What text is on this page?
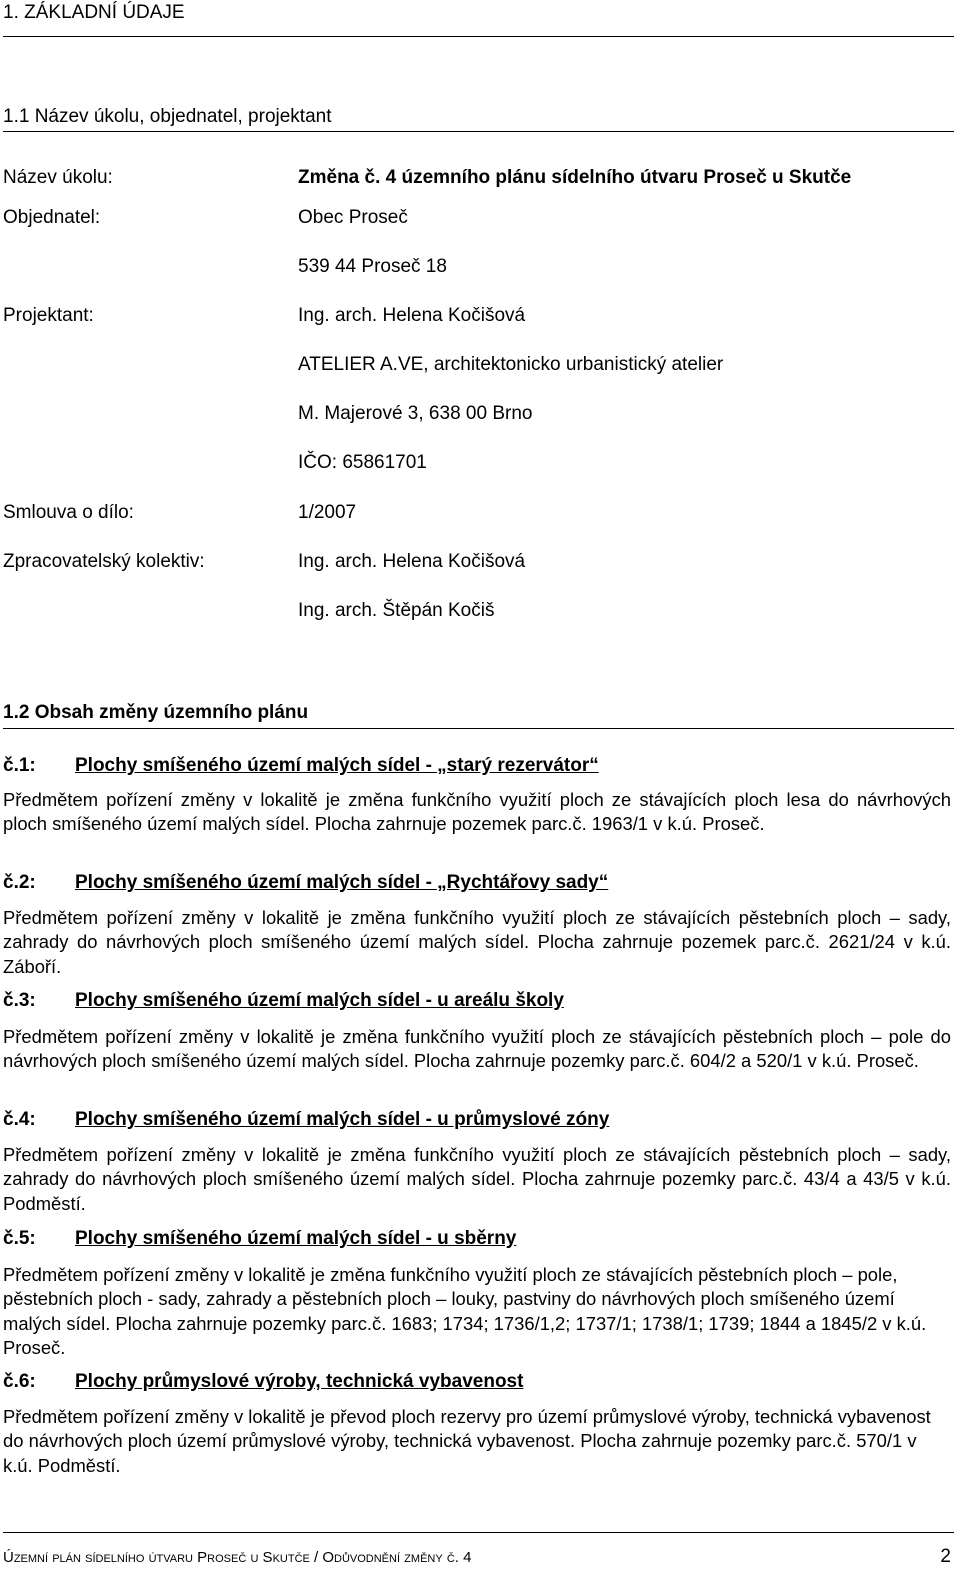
1. ZÁKLADNÍ ÚDAJE
1.1 Název úkolu, objednatel, projektant
Název úkolu:	Změna č. 4 územního plánu sídelního útvaru Proseč u Skutče
Objednatel:	Obec Proseč
539 44 Proseč 18
Projektant:	Ing. arch. Helena Kočišová
ATELIER A.VE, architektonicko urbanistický atelier
M. Majerové 3, 638 00 Brno
IČO: 65861701
Smlouva o dílo:	1/2007
Zpracovatelský kolektiv:	Ing. arch. Helena Kočišová
Ing. arch. Štěpán Kočiš
1.2 Obsah změny územního plánu
č.1: Plochy smíšeného území malých sídel - „starý rezervátor“
Předmětem pořízení změny v lokalitě je změna funkčního využití ploch ze stávajících ploch lesa do návrhových ploch smíšeného území malých sídel. Plocha zahrnuje pozemek parc.č. 1963/1 v k.ú. Proseč.
č.2: Plochy smíšeného území malých sídel - „Rychtářovy sady“
Předmětem pořízení změny v lokalitě je změna funkčního využití ploch ze stávajících pěstebních ploch – sady, zahrady do návrhových ploch smíšeného území malých sídel. Plocha zahrnuje pozemek parc.č. 2621/24 v k.ú. Záboří.
č.3: Plochy smíšeného území malých sídel - u areálu školy
Předmětem pořízení změny v lokalitě je změna funkčního využití ploch ze stávajících pěstebních ploch – pole do návrhových ploch smíšeného území malých sídel. Plocha zahrnuje pozemky parc.č. 604/2 a 520/1 v k.ú. Proseč.
č.4: Plochy smíšeného území malých sídel - u průmyslové zóny
Předmětem pořízení změny v lokalitě je změna funkčního využití ploch ze stávajících pěstebních ploch – sady, zahrady do návrhových ploch smíšeného území malých sídel. Plocha zahrnuje pozemky parc.č. 43/4 a 43/5 v k.ú. Podměstí.
č.5: Plochy smíšeného území malých sídel - u sběrny
Předmětem pořízení změny v lokalitě je změna funkčního využití ploch ze stávajících pěstebních ploch – pole, pěstebních ploch - sady, zahrady a pěstebních ploch – louky, pastviny do návrhových ploch smíšeného území malých sídel. Plocha zahrnuje pozemky parc.č. 1683; 1734; 1736/1,2; 1737/1; 1738/1; 1739; 1844 a 1845/2 v k.ú. Proseč.
č.6: Plochy průmyslové výroby, technická vybavenost
Předmětem pořízení změny v lokalitě je převod ploch rezervy pro území průmyslové výroby, technická vybavenost do návrhových ploch území průmyslové výroby, technická vybavenost. Plocha zahrnuje pozemky parc.č. 570/1 v k.ú. Podměstí.
Územní plán sídelního útvaru Proseč u Skutče / Odůvodnění změny č. 4	2
